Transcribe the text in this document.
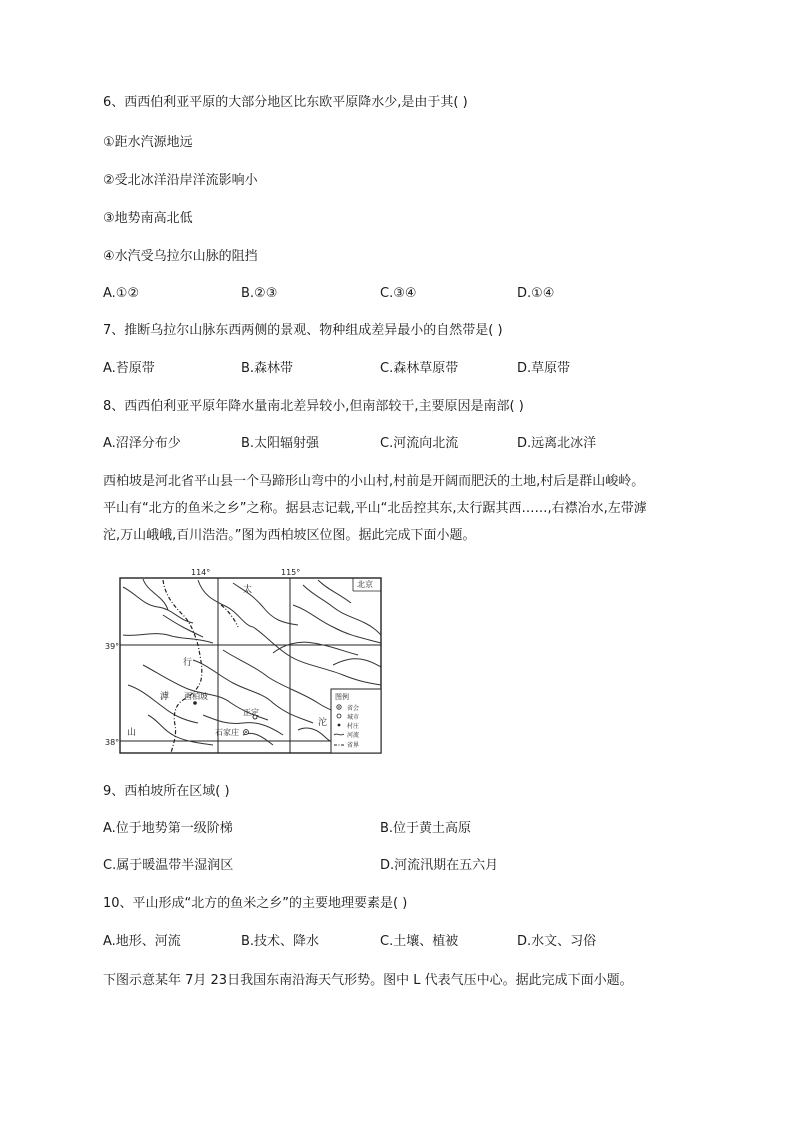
6、西西伯利亚平原的大部分地区比东欧平原降水少,是由于其( )
①距水汽源地远
②受北冰洋沿岸洋流影响小
③地势南高北低
④水汽受乌拉尔山脉的阻挡
A.①②	B.②③	C.③④	D.①④
7、推断乌拉尔山脉东西两侧的景观、物种组成差异最小的自然带是( )
A.苔原带	B.森林带	C.森林草原带	D.草原带
8、西西伯利亚平原年降水量南北差异较小,但南部较干,主要原因是南部( )
A.沼泽分布少	B.太阳辐射强	C.河流向北流	D.远离北冰洋
西柏坡是河北省平山县一个马蹄形山弯中的小山村,村前是开阔而肥沃的土地,村后是群山峻岭。
平山有“北方的鱼米之乡”之称。据县志记载,平山“北岳控其东,太行踞其西……,右襟冶水,左带滹
沱,万山峨峨,百川浩浩。”图为西柏坡区位图。据此完成下面小题。
114°	115°
39°
38°
北京
太
行
山
滹
沱
西柏坡
正定
石家庄
图例
省会
城市
村庄
河流
省界
9、西柏坡所在区域( )
A.位于地势第一级阶梯	B.位于黄土高原
C.属于暖温带半湿润区	D.河流汛期在五六月
10、平山形成“北方的鱼米之乡”的主要地理要素是( )
A.地形、河流	B.技术、降水	C.土壤、植被	D.水文、习俗
下图示意某年 7月 23日我国东南沿海天气形势。图中 L 代表气压中心。据此完成下面小题。
